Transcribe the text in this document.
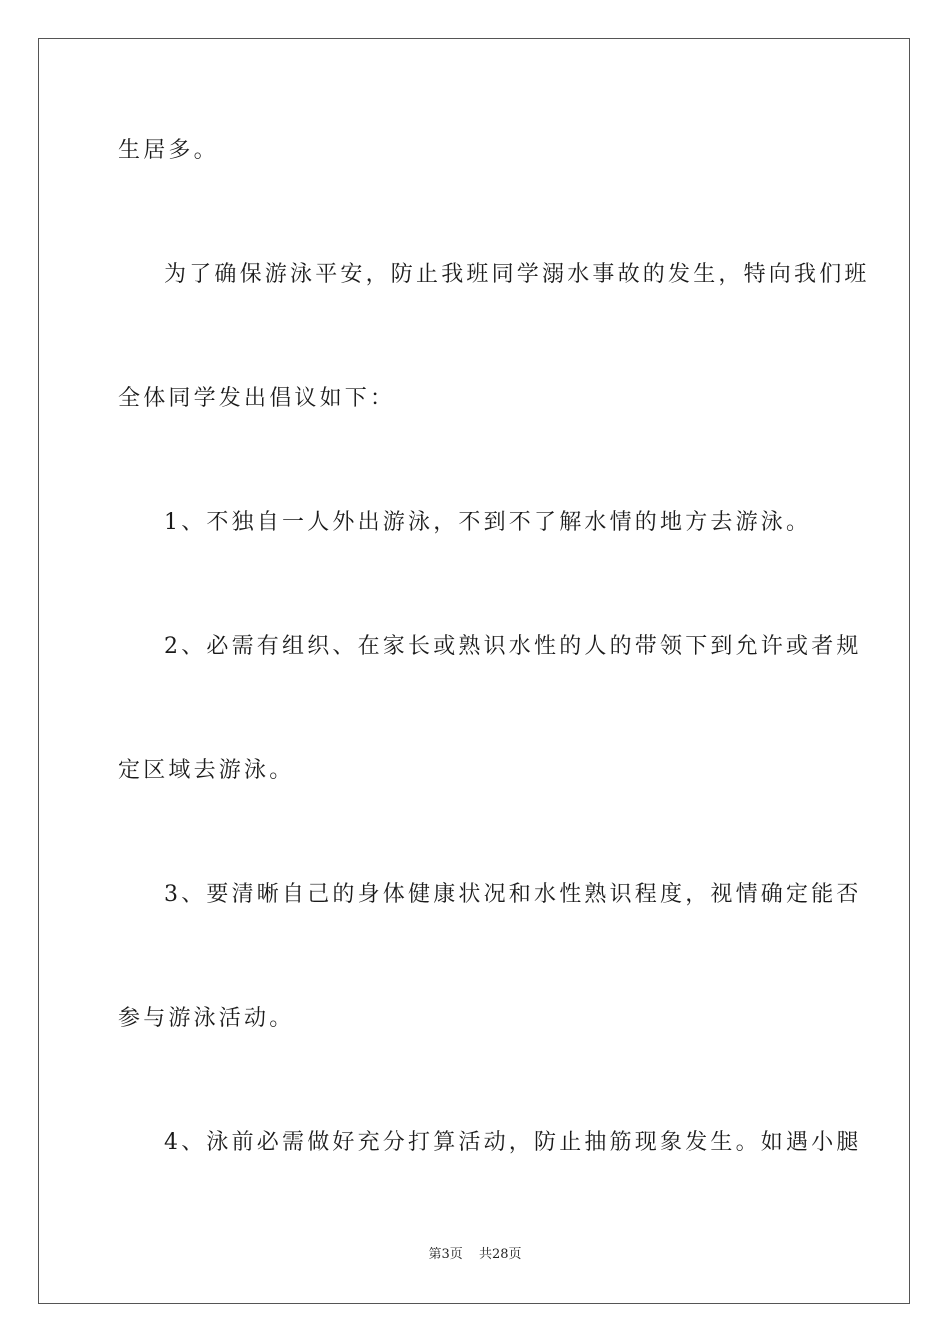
生居多。
为了确保游泳平安，防止我班同学溺水事故的发生，特向我们班
全体同学发出倡议如下：
1、不独自一人外出游泳，不到不了解水情的地方去游泳。
2、必需有组织、在家长或熟识水性的人的带领下到允许或者规
定区域去游泳。
3、要清晰自己的身体健康状况和水性熟识程度，视情确定能否
参与游泳活动。
4、泳前必需做好充分打算活动，防止抽筋现象发生。如遇小腿
第3页 共28页
